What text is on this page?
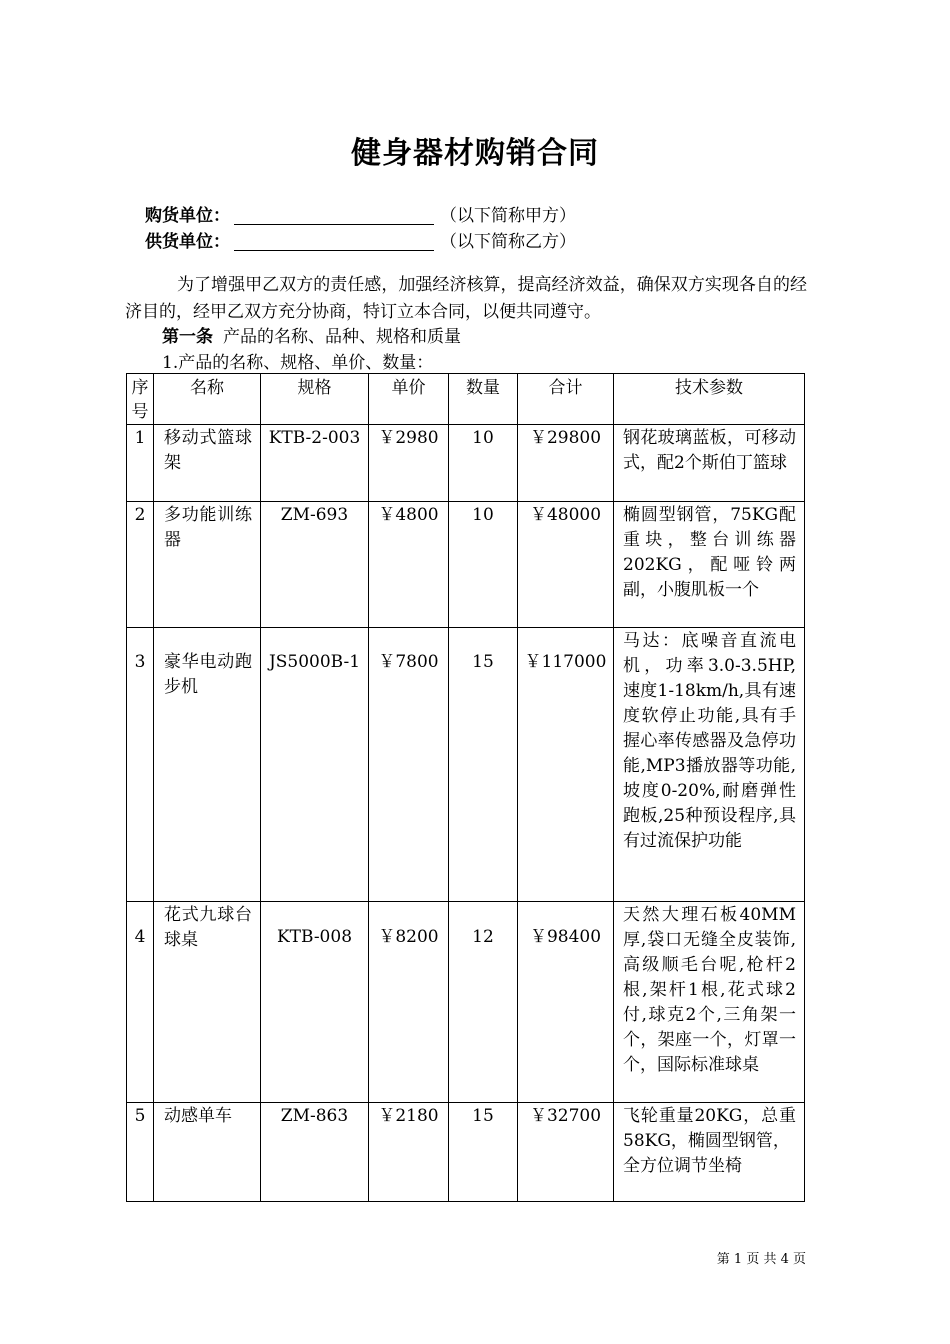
健身器材购销合同
购货单位：	（以下简称甲方）
供货单位：	（以下简称乙方）
为了增强甲乙双方的责任感，加强经济核算，提高经济效益，确保双方实现各自的经济目的，经甲乙双方充分协商，特订立本合同，以便共同遵守。
第一条 产品的名称、品种、规格和质量
1.产品的名称、规格、单价、数量：
序号	名称	规格	单价	数量	合计	技术参数
1	移动式篮球架	KTB-2-003	￥2980	10	￥29800	钢花玻璃蓝板，可移动式，配2个斯伯丁篮球
2	多功能训练器	ZM-693	￥4800	10	￥48000	椭圆型钢管，75KG配重块，整台训练器202KG，配哑铃两副，小腹肌板一个
3	豪华电动跑步机	JS5000B-1	￥7800	15	￥117000	马达：底噪音直流电机，功率3.0-3.5HP,速度1-18km/h,具有速度软停止功能,具有手握心率传感器及急停功能,MP3播放器等功能,坡度0-20%,耐磨弹性跑板,25种预设程序,具有过流保护功能
4	花式九球台球桌	KTB-008	￥8200	12	￥98400	天然大理石板40MM厚,袋口无缝全皮装饰,高级顺毛台呢,枪杆2根,架杆1根,花式球2付,球克2个,三角架一个，架座一个，灯罩一个，国际标准球桌
5	动感单车	ZM-863	￥2180	15	￥32700	飞轮重量20KG，总重58KG，椭圆型钢管，
全方位调节坐椅
第 1 页 共 4 页
